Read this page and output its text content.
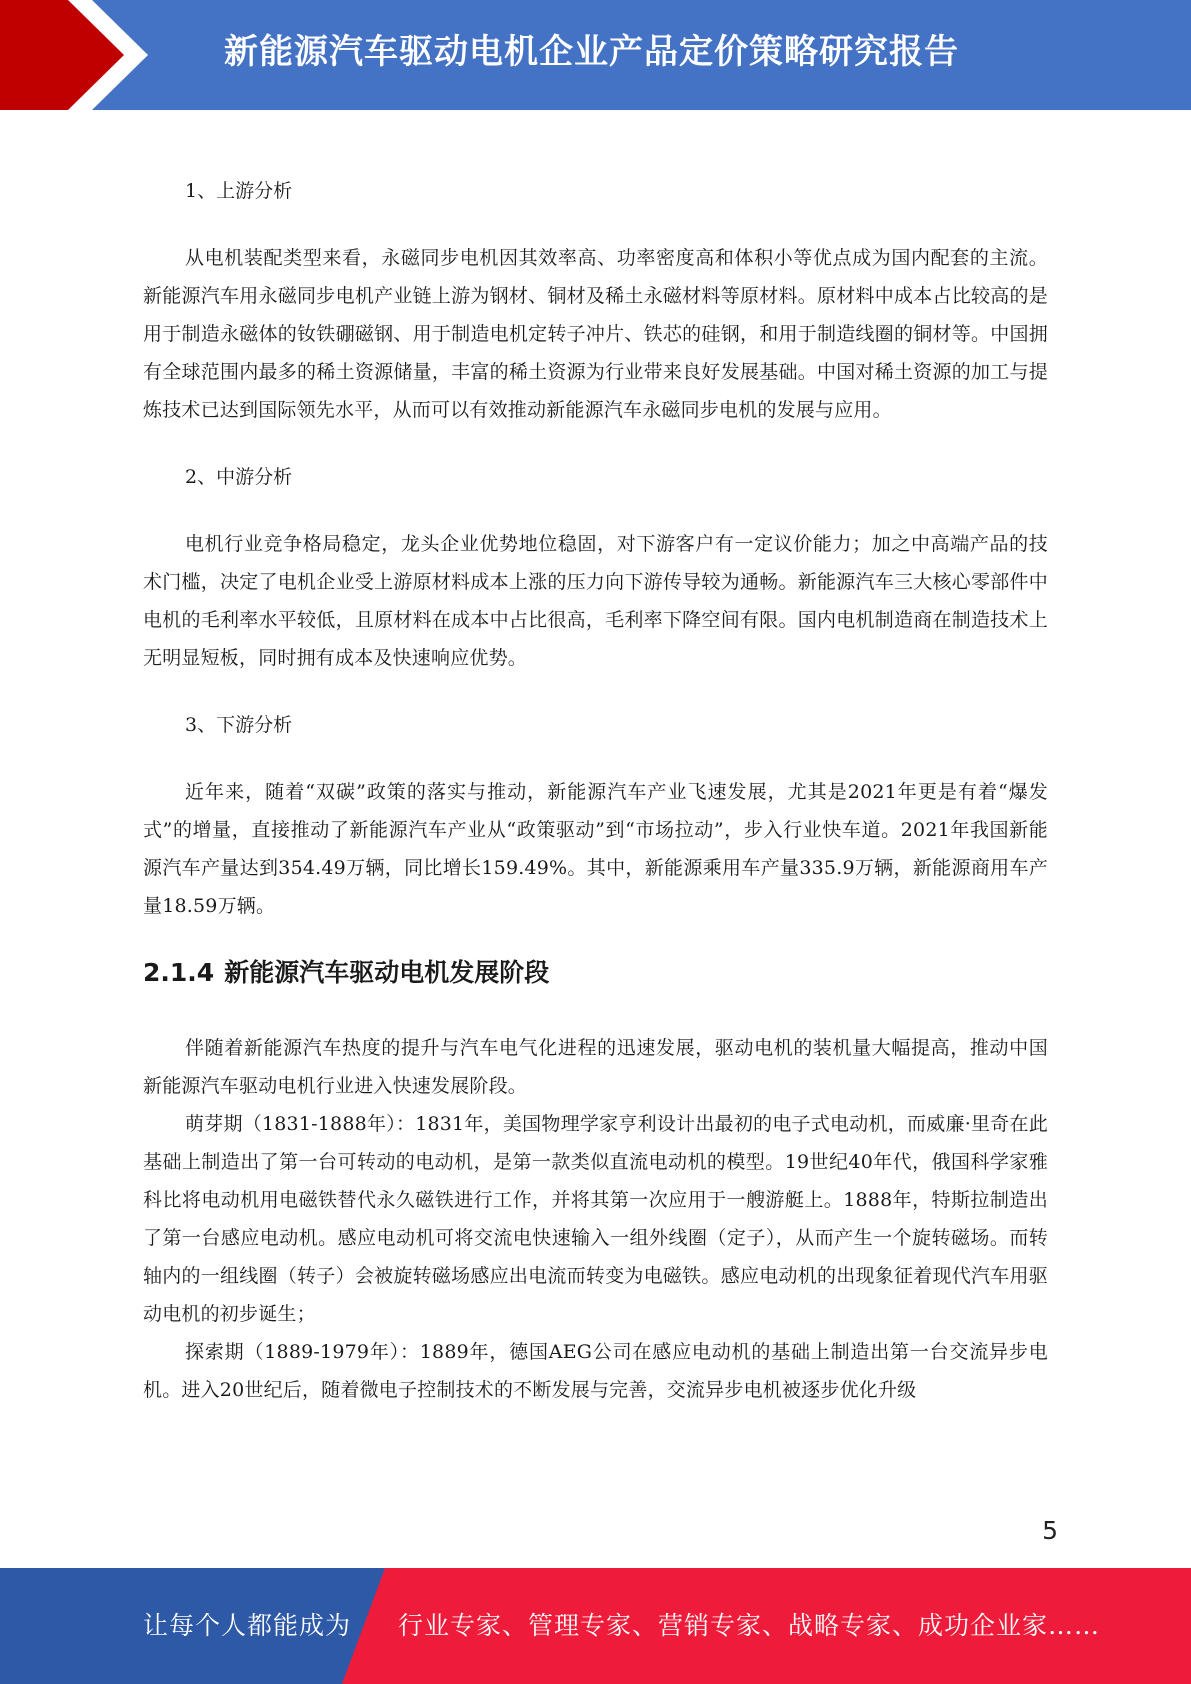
新能源汽车驱动电机企业产品定价策略研究报告

1、上游分析

从电机装配类型来看，永磁同步电机因其效率高、功率密度高和体积小等优点成为国内配套的主流。新能源汽车用永磁同步电机产业链上游为钢材、铜材及稀土永磁材料等原材料。原材料中成本占比较高的是用于制造永磁体的钕铁硼磁钢、用于制造电机定转子冲片、铁芯的硅钢，和用于制造线圈的铜材等。中国拥有全球范围内最多的稀土资源储量，丰富的稀土资源为行业带来良好发展基础。中国对稀土资源的加工与提炼技术已达到国际领先水平，从而可以有效推动新能源汽车永磁同步电机的发展与应用。

2、中游分析

电机行业竞争格局稳定，龙头企业优势地位稳固，对下游客户有一定议价能力；加之中高端产品的技术门槛，决定了电机企业受上游原材料成本上涨的压力向下游传导较为通畅。新能源汽车三大核心零部件中电机的毛利率水平较低，且原材料在成本中占比很高，毛利率下降空间有限。国内电机制造商在制造技术上无明显短板，同时拥有成本及快速响应优势。

3、下游分析

近年来，随着“双碳”政策的落实与推动，新能源汽车产业飞速发展，尤其是2021年更是有着“爆发式”的增量，直接推动了新能源汽车产业从“政策驱动”到“市场拉动”，步入行业快车道。2021年我国新能源汽车产量达到354.49万辆，同比增长159.49%。其中，新能源乘用车产量335.9万辆，新能源商用车产量18.59万辆。

2.1.4 新能源汽车驱动电机发展阶段

伴随着新能源汽车热度的提升与汽车电气化进程的迅速发展，驱动电机的装机量大幅提高，推动中国新能源汽车驱动电机行业进入快速发展阶段。

萌芽期（1831-1888年）：1831年，美国物理学家亨利设计出最初的电子式电动机，而威廉·里奇在此基础上制造出了第一台可转动的电动机，是第一款类似直流电动机的模型。19世纪40年代，俄国科学家雅科比将电动机用电磁铁替代永久磁铁进行工作，并将其第一次应用于一艘游艇上。1888年，特斯拉制造出了第一台感应电动机。感应电动机可将交流电快速输入一组外线圈（定子），从而产生一个旋转磁场。而转轴内的一组线圈（转子）会被旋转磁场感应出电流而转变为电磁铁。感应电动机的出现象征着现代汽车用驱动电机的初步诞生；

探索期（1889-1979年）：1889年，德国AEG公司在感应电动机的基础上制造出第一台交流异步电机。进入20世纪后，随着微电子控制技术的不断发展与完善，交流异步电机被逐步优化升级

5
让每个人都能成为 行业专家、管理专家、营销专家、战略专家、成功企业家……
